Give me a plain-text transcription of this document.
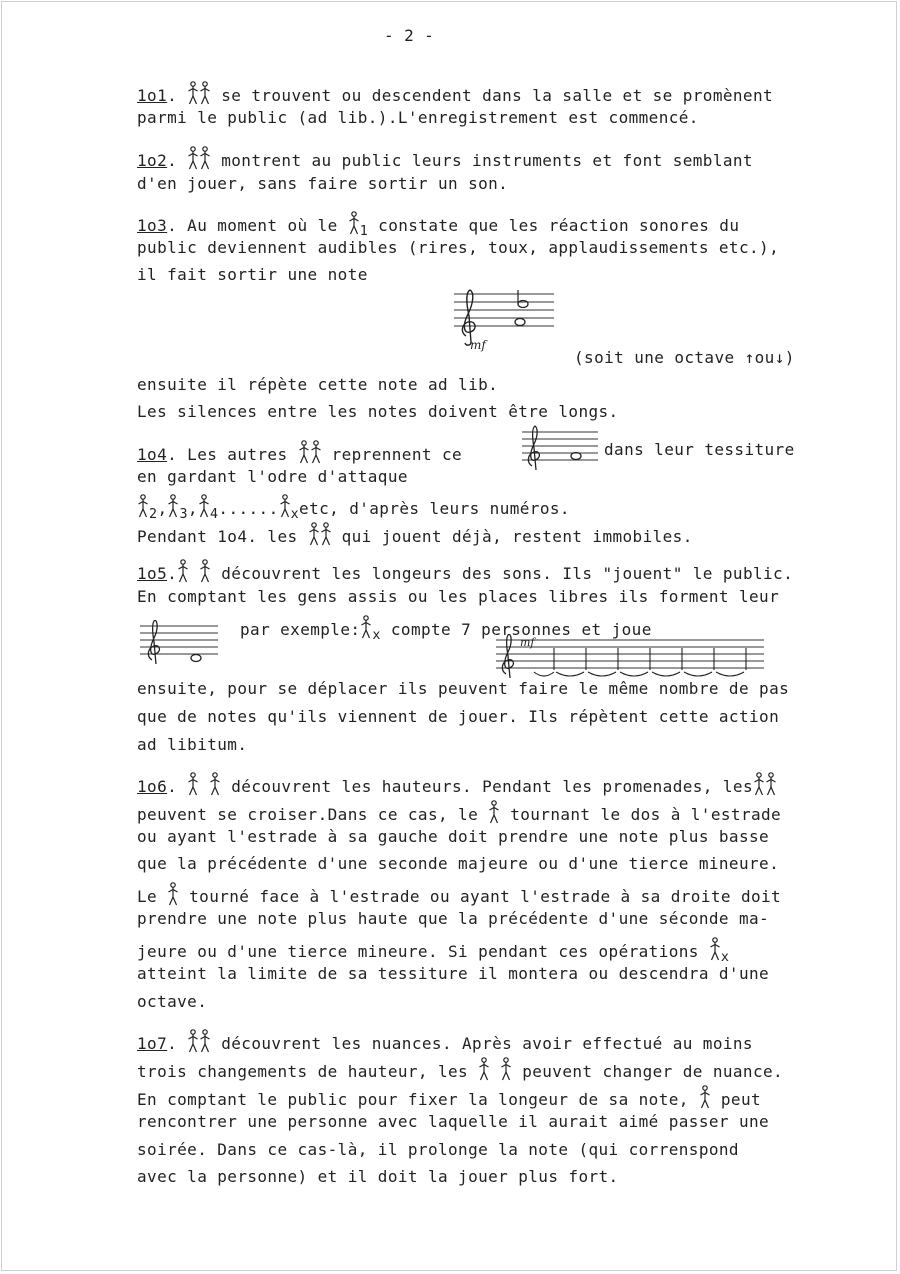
- 2 -
1o1.  se trouvent ou descendent dans la salle et se promènent
parmi le public (ad lib.).L'enregistrement est commencé.
1o2.  montrent au public leurs instruments et font semblant
d'en jouer, sans faire sortir un son.
1o3. Au moment où le $_1$ constate que les réaction sonores du
public deviennent audibles (rires, toux, applaudissements etc.),
il fait sortir une note
mf
(soit une octave ↑ou↓)
ensuite il répète cette note ad lib.
Les silences entre les notes doivent être longs.
1o4. Les autres  reprennent ce	dans leur tessiture
en gardant l'odre d'attaque
$_2$, $_3$, $_4$...... $_x$etc, d'après leurs numéros.
Pendant 1o4. les  qui jouent déjà, restent immobiles.
1o5.  découvrent les longeurs des sons. Ils "jouent" le public.
En comptant les gens assis ou les places libres ils forment leur
par exemple: $_x$ compte 7 personnes et joue
mf
ensuite, pour se déplacer ils peuvent faire le même nombre de pas
que de notes qu'ils viennent de jouer. Ils répètent cette action
ad libitum.
1o6.   découvrent les hauteurs. Pendant les promenades, les
peuvent se croiser.Dans ce cas, le  tournant le dos à l'estrade
ou ayant l'estrade à sa gauche doit prendre une note plus basse
que la précédente d'une seconde majeure ou d'une tierce mineure.
Le  tourné face à l'estrade ou ayant l'estrade à sa droite doit
prendre une note plus haute que la précédente d'une séconde ma-
jeure ou d'une tierce mineure. Si pendant ces opérations $_x$
atteint la limite de sa tessiture il montera ou descendra d'une
octave.
1o7.  découvrent les nuances. Après avoir effectué au moins
trois changements de hauteur, les   peuvent changer de nuance.
En comptant le public pour fixer la longeur de sa note,  peut
rencontrer une personne avec laquelle il aurait aimé passer une
soirée. Dans ce cas-là, il prolonge la note (qui correnspond
avec la personne) et il doit la jouer plus fort.
